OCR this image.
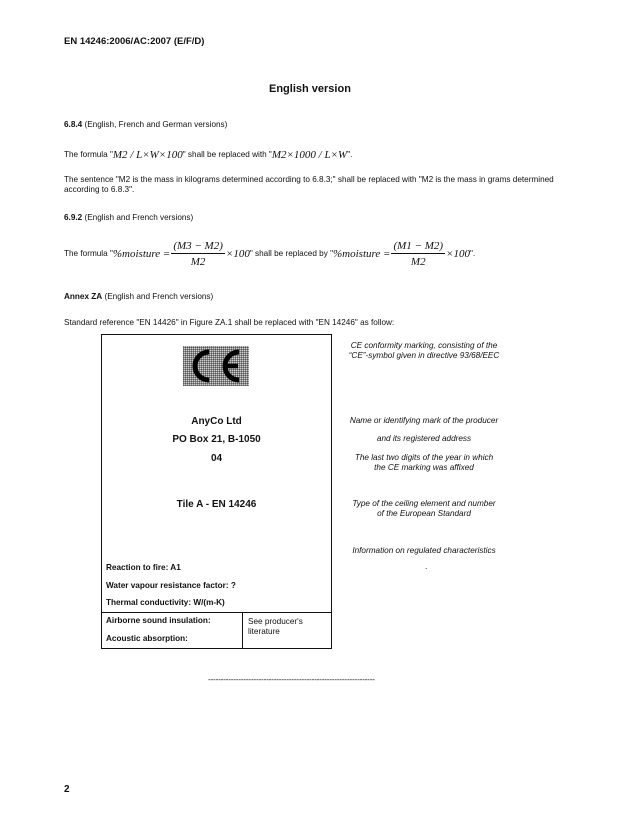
EN 14246:2006/AC:2007 (E/F/D)
English version
6.8.4 (English, French and German versions)
The formula " M2 / L×W×100 " shall be replaced with " M2×1000 / L×W ".
The sentence "M2 is the mass in kilograms determined according to 6.8.3;" shall be replaced with "M2 is the mass in grams determined according to 6.8.3".
6.9.2 (English and French versions)
The formula " %moisture = $\frac{(M3 - M2)}{M2} \times 100$ " shall be replaced by " %moisture = $\frac{(M1 - M2)}{M2} \times 100$ ".
Annex ZA (English and French versions)
Standard reference "EN 14426" in Figure ZA.1 shall be replaced with "EN 14246" as follow:
AnyCo Ltd
PO Box 21, B-1050
04
Tile A - EN 14246
Reaction to fire: A1
Water vapour resistance factor: ?
Thermal conductivity: W/(m-K)
Airborne sound insulation:
Acoustic absorption:
See producer's
literature
CE conformity marking, consisting of the
“CE”-symbol given in directive 93/68/EEC
Name or identifying mark of the producer
and its registered address
The last two digits of the year in which
the CE marking was affixed
Type of the ceiling element and number
of the European Standard
Information on regulated characteristics
.
------------------------------------------------------------------
2
